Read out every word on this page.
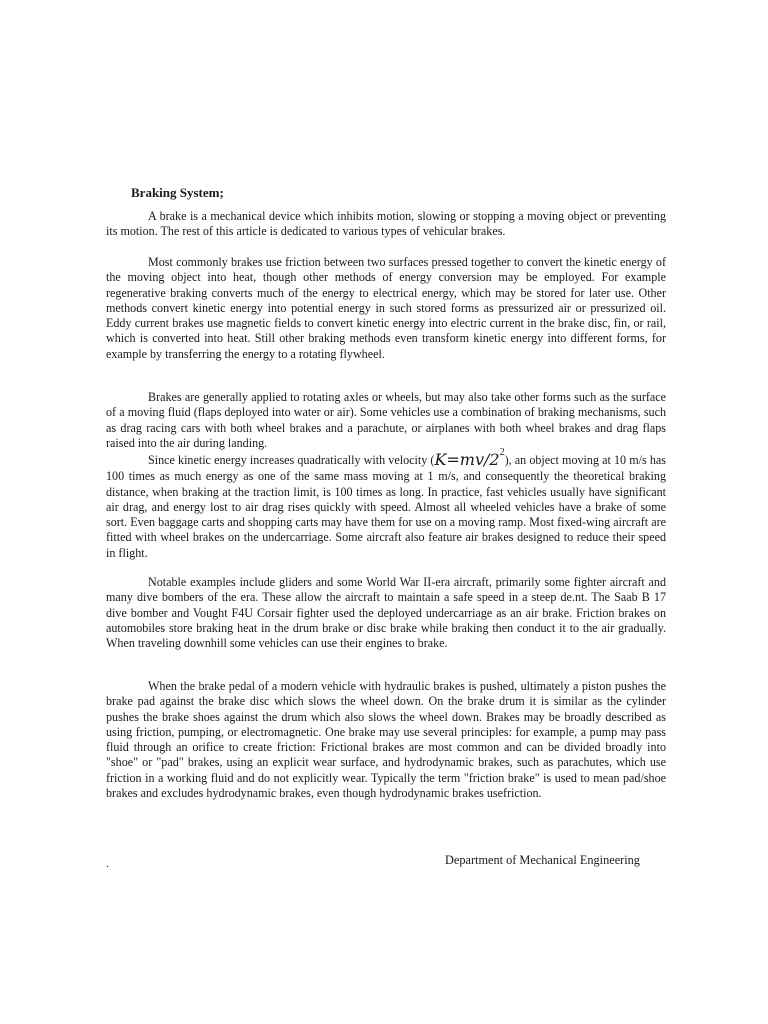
Braking System;

A brake is a mechanical device which inhibits motion, slowing or stopping a moving object or preventing its motion. The rest of this article is dedicated to various types of vehicular brakes.

Most commonly brakes use friction between two surfaces pressed together to convert the kinetic energy of the moving object into heat, though other methods of energy conversion may be employed. For example regenerative braking converts much of the energy to electrical energy, which may be stored for later use. Other methods convert kinetic energy into potential energy in such stored forms as pressurized air or pressurized oil. Eddy current brakes use magnetic fields to convert kinetic energy into electric current in the brake disc, fin, or rail, which is converted into heat. Still other braking methods even transform kinetic energy into different forms, for example by transferring the energy to a rotating flywheel.

Brakes are generally applied to rotating axles or wheels, but may also take other forms such as the surface of a moving fluid (flaps deployed into water or air). Some vehicles use a combination of braking mechanisms, such as drag racing cars with both wheel brakes and a parachute, or airplanes with both wheel brakes and drag flaps raised into the air during landing.

Since kinetic energy increases quadratically with velocity $(K=mv/2^2)$, an object moving at 10 m/s has 100 times as much energy as one of the same mass moving at 1 m/s, and consequently the theoretical braking distance, when braking at the traction limit, is 100 times as long. In practice, fast vehicles usually have significant air drag, and energy lost to air drag rises quickly with speed. Almost all wheeled vehicles have a brake of some sort. Even baggage carts and shopping carts may have them for use on a moving ramp. Most fixed-wing aircraft are fitted with wheel brakes on the undercarriage. Some aircraft also feature air brakes designed to reduce their speed in flight.

Notable examples include gliders and some World War II-era aircraft, primarily some fighter aircraft and many dive bombers of the era. These allow the aircraft to maintain a safe speed in a steep de.nt. The Saab B 17 dive bomber and Vought F4U Corsair fighter used the deployed undercarriage as an air brake. Friction brakes on automobiles store braking heat in the drum brake or disc brake while braking then conduct it to the air gradually. When traveling downhill some vehicles can use their engines to brake.

When the brake pedal of a modern vehicle with hydraulic brakes is pushed, ultimately a piston pushes the brake pad against the brake disc which slows the wheel down. On the brake drum it is similar as the cylinder pushes the brake shoes against the drum which also slows the wheel down. Brakes may be broadly described as using friction, pumping, or electromagnetic. One brake may use several principles: for example, a pump may pass fluid through an orifice to create friction: Frictional brakes are most common and can be divided broadly into "shoe" or "pad" brakes, using an explicit wear surface, and hydrodynamic brakes, such as parachutes, which use friction in a working fluid and do not explicitly wear. Typically the term "friction brake" is used to mean pad/shoe brakes and excludes hydrodynamic brakes, even though hydrodynamic brakes usefriction.

.	Department of Mechanical Engineering
